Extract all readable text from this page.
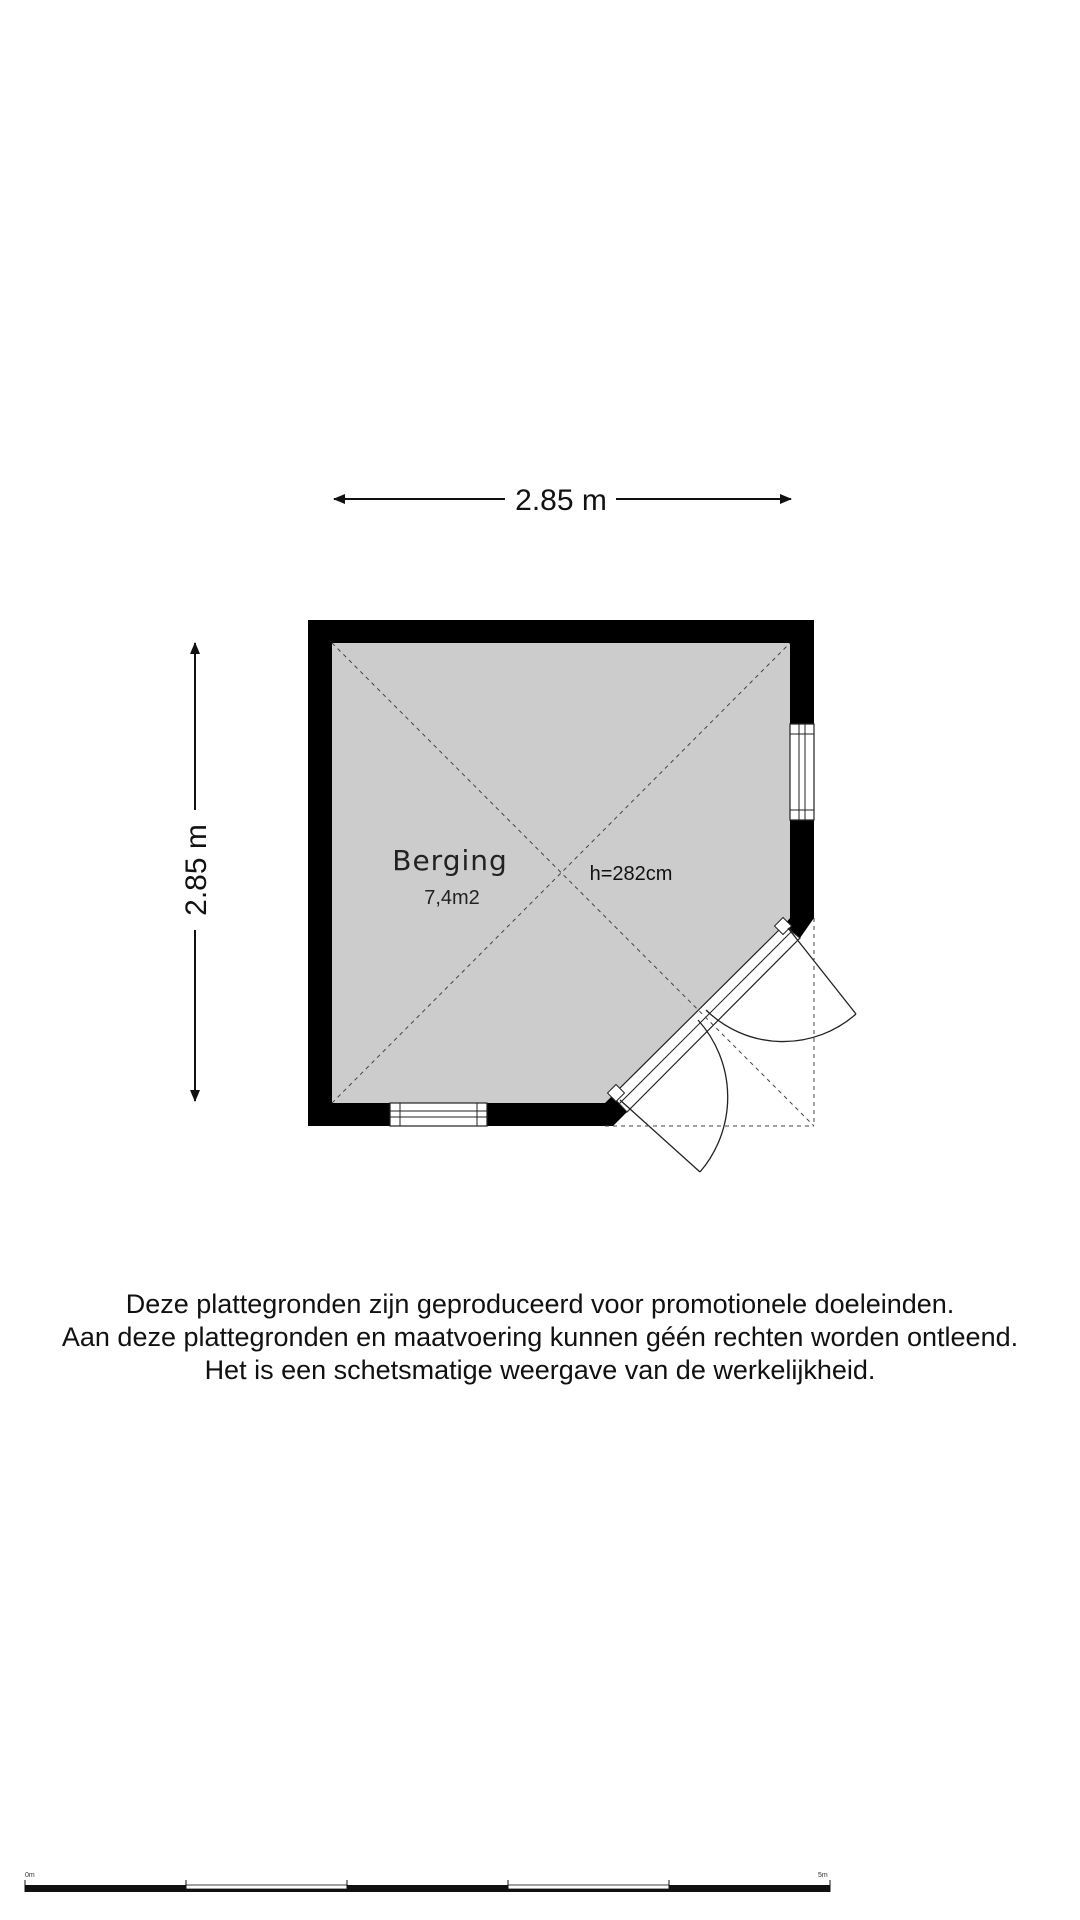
2.85 m
2.85 m	Berging
7,4m2
h=282cm
0m	5m
Deze plattegronden zijn geproduceerd voor promotionele doeleinden.
Aan deze plattegronden en maatvoering kunnen géén rechten worden ontleend.
Het is een schetsmatige weergave van de werkelijkheid.
